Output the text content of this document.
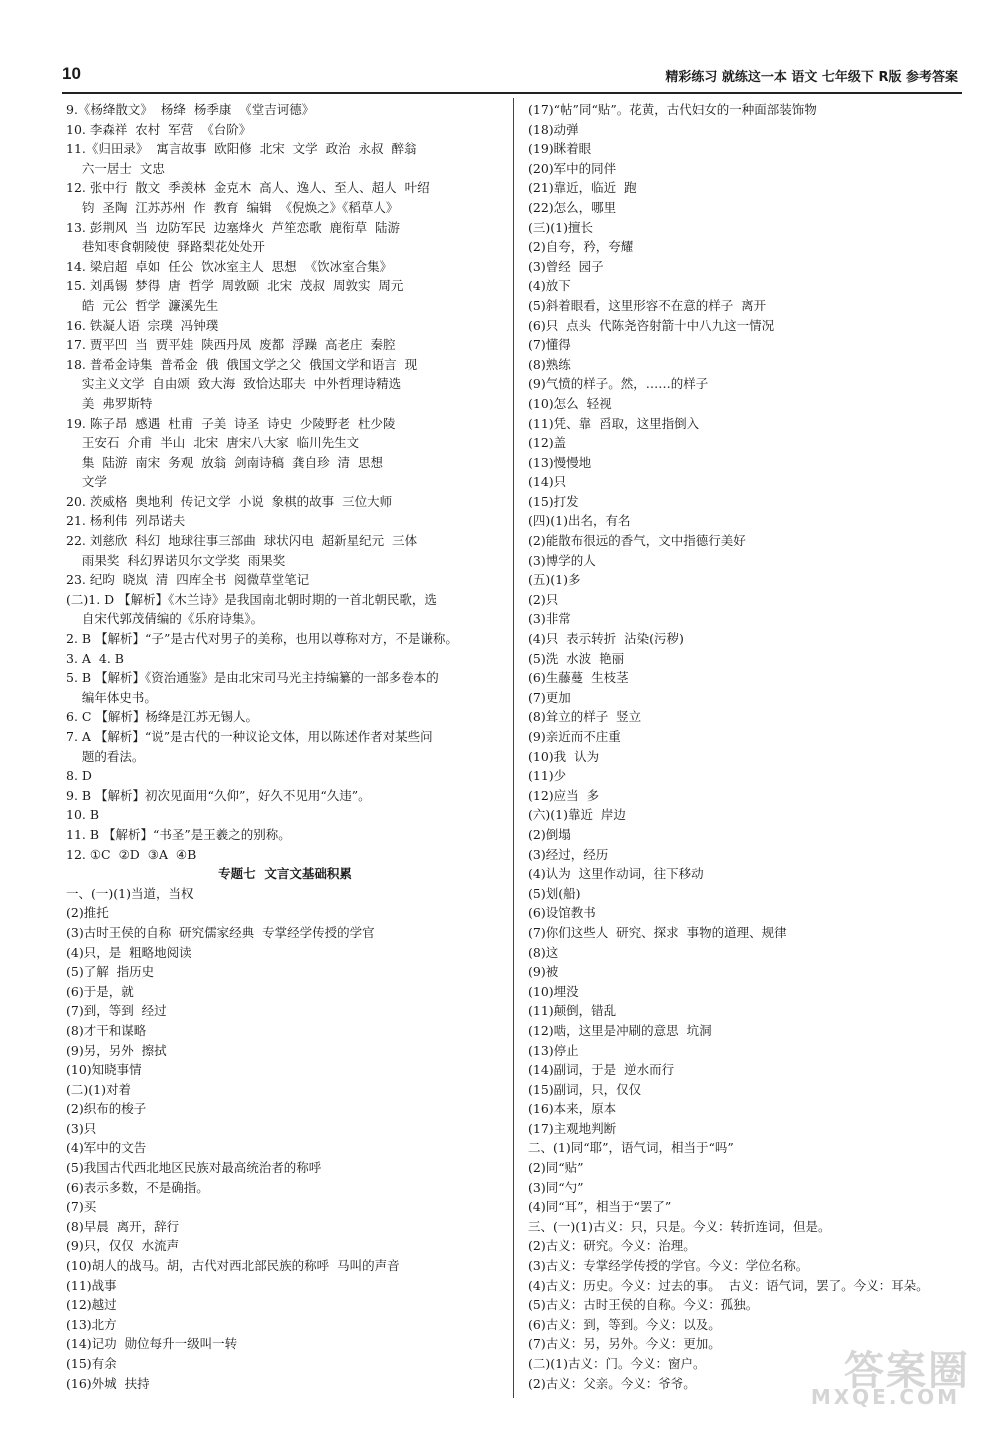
10	精彩练习 就练这一本 语文 七年级下 R版 参考答案
9.《杨绛散文》  杨绛  杨季康  《堂吉诃德》
10. 李森祥  农村  军营  《台阶》
11.《归田录》  寓言故事  欧阳修  北宋  文学  政治  永叔  醉翁
六一居士  文忠
12. 张中行  散文  季羡林  金克木  高人、逸人、至人、超人  叶绍
钧  圣陶  江苏苏州  作  教育  编辑  《倪焕之》《稻草人》
13. 彭荆风  当  边防军民  边塞烽火  芦笙恋歌  鹿衔草  陆游
巷知枣食朝陵使  驿路梨花处处开
14. 梁启超  卓如  任公  饮冰室主人  思想  《饮冰室合集》
15. 刘禹锡  梦得  唐  哲学  周敦颐  北宋  茂叔  周敦实  周元
皓  元公  哲学  濂溪先生
16. 铁凝人语  宗璞  冯钟璞
17. 贾平凹  当  贾平娃  陕西丹凤  废都  浮躁  高老庄  秦腔
18. 普希金诗集  普希金  俄  俄国文学之父  俄国文学和语言  现
实主义文学  自由颂  致大海  致恰达耶夫  中外哲理诗精选
美  弗罗斯特
19. 陈子昂  感遇  杜甫  子美  诗圣  诗史  少陵野老  杜少陵
王安石  介甫  半山  北宋  唐宋八大家  临川先生文
集  陆游  南宋  务观  放翁  剑南诗稿  龚自珍  清  思想
文学
20. 茨威格  奥地利  传记文学  小说  象棋的故事  三位大师
21. 杨利伟  列昂诺夫
22. 刘慈欣  科幻  地球往事三部曲  球状闪电  超新星纪元  三体
雨果奖  科幻界诺贝尔文学奖  雨果奖
23. 纪昀  晓岚  清  四库全书  阅微草堂笔记
(二)1. D 【解析】《木兰诗》是我国南北朝时期的一首北朝民歌，选
自宋代郭茂倩编的《乐府诗集》。
2. B 【解析】“子”是古代对男子的美称，也用以尊称对方，不是谦称。
3. A  4. B
5. B 【解析】《资治通鉴》是由北宋司马光主持编纂的一部多卷本的
编年体史书。
6. C 【解析】杨绛是江苏无锡人。
7. A 【解析】“说”是古代的一种议论文体，用以陈述作者对某些问
题的看法。
8. D
9. B 【解析】初次见面用“久仰”，好久不见用“久违”。
10. B
11. B 【解析】“书圣”是王羲之的别称。
12. ①C  ②D  ③A  ④B
专题七  文言文基础积累
一、(一)(1)当道，当权
(2)推托
(3)古时王侯的自称  研究儒家经典  专掌经学传授的学官
(4)只，是  粗略地阅读
(5)了解  指历史
(6)于是，就
(7)到，等到  经过
(8)才干和谋略
(9)另，另外  擦拭
(10)知晓事情
(二)(1)对着
(2)织布的梭子
(3)只
(4)军中的文告
(5)我国古代西北地区民族对最高统治者的称呼
(6)表示多数，不是确指。
(7)买
(8)早晨  离开，辞行
(9)只，仅仅  水流声
(10)胡人的战马。胡，古代对西北部民族的称呼  马叫的声音
(11)战事
(12)越过
(13)北方
(14)记功  勋位每升一级叫一转
(15)有余
(16)外城  扶持
(17)“帖”同“贴”。花黄，古代妇女的一种面部装饰物
(18)动弹
(19)眯着眼
(20)军中的同伴
(21)靠近，临近  跑
(22)怎么，哪里
(三)(1)擅长
(2)自夸，矜，夸耀
(3)曾经  园子
(4)放下
(5)斜着眼看，这里形容不在意的样子  离开
(6)只  点头  代陈尧咨射箭十中八九这一情况
(7)懂得
(8)熟练
(9)气愤的样子。然，……的样子
(10)怎么  轻视
(11)凭、靠  舀取，这里指倒入
(12)盖
(13)慢慢地
(14)只
(15)打发
(四)(1)出名，有名
(2)能散布很远的香气，文中指德行美好
(3)博学的人
(五)(1)多
(2)只
(3)非常
(4)只  表示转折  沾染(污秽)
(5)洗  水波  艳丽
(6)生藤蔓  生枝茎
(7)更加
(8)耸立的样子  竖立
(9)亲近而不庄重
(10)我  认为
(11)少
(12)应当  多
(六)(1)靠近  岸边
(2)倒塌
(3)经过，经历
(4)认为  这里作动词，往下移动
(5)划(船)
(6)设馆教书
(7)你们这些人  研究、探求  事物的道理、规律
(8)这
(9)被
(10)埋没
(11)颠倒，错乱
(12)啮，这里是冲刷的意思  坑洞
(13)停止
(14)副词，于是  逆水而行
(15)副词，只，仅仅
(16)本来，原本
(17)主观地判断
二、(1)同“耶”，语气词，相当于“吗”
(2)同“贴”
(3)同“勺”
(4)同“耳”，相当于“罢了”
三、(一)(1)古义：只，只是。今义：转折连词，但是。
(2)古义：研究。今义：治理。
(3)古义：专掌经学传授的学官。今义：学位名称。
(4)古义：历史。今义：过去的事。  古义：语气词，罢了。今义：耳朵。
(5)古义：古时王侯的自称。今义：孤独。
(6)古义：到，等到。今义：以及。
(7)古义：另，另外。今义：更加。
(二)(1)古义：门。今义：窗户。
(2)古义：父亲。今义：爷爷。	答案圈
MXQE.COM
